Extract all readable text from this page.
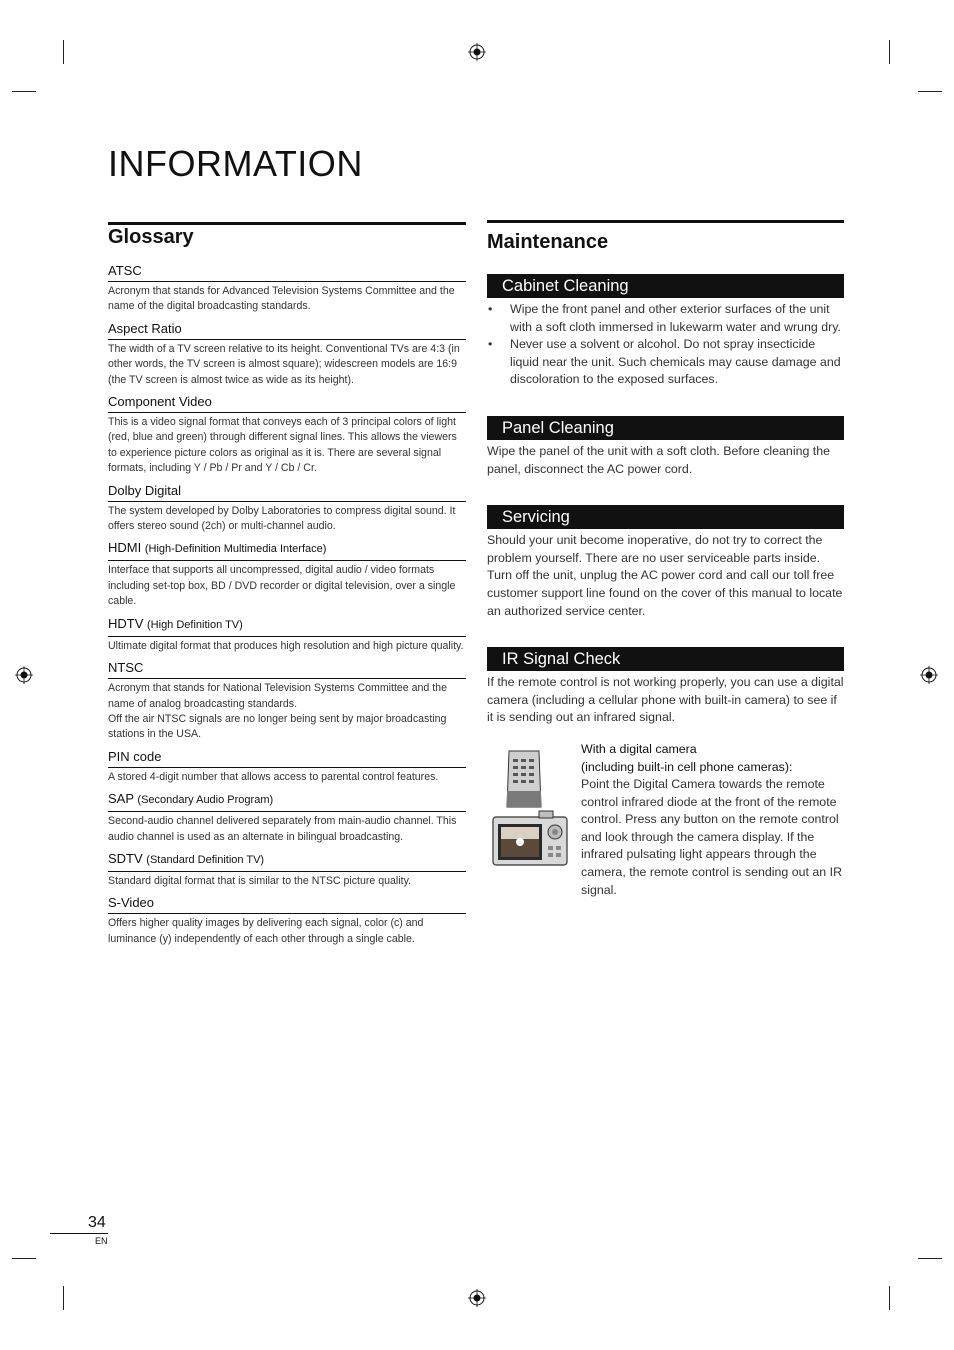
INFORMATION
Glossary
ATSC
Acronym that stands for Advanced Television Systems Committee and the name of the digital broadcasting standards.
Aspect Ratio
The width of a TV screen relative to its height. Conventional TVs are 4:3 (in other words, the TV screen is almost square); widescreen models are 16:9 (the TV screen is almost twice as wide as its height).
Component Video
This is a video signal format that conveys each of 3 principal colors of light (red, blue and green) through different signal lines. This allows the viewers to experience picture colors as original as it is. There are several signal formats, including Y / Pb / Pr and Y / Cb / Cr.
Dolby Digital
The system developed by Dolby Laboratories to compress digital sound. It offers stereo sound (2ch) or multi-channel audio.
HDMI (High-Definition Multimedia Interface)
Interface that supports all uncompressed, digital audio / video formats including set-top box, BD / DVD recorder or digital television, over a single cable.
HDTV (High Definition TV)
Ultimate digital format that produces high resolution and high picture quality.
NTSC

Acronym that stands for National Television Systems Committee and the name of analog broadcasting standards.

Off the air NTSC signals are no longer being sent by major broadcasting stations in the USA.

PIN code
A stored 4-digit number that allows access to parental control features.
SAP (Secondary Audio Program)
Second-audio channel delivered separately from main-audio channel. This audio channel is used as an alternate in bilingual broadcasting.
SDTV (Standard Definition TV)
Standard digital format that is similar to the NTSC picture quality.
S-Video
Offers higher quality images by delivering each signal, color (c) and luminance (y) independently of each other through a single cable.
Maintenance
Cabinet Cleaning
• Wipe the front panel and other exterior surfaces of the unit with a soft cloth immersed in lukewarm water and wrung dry.
• Never use a solvent or alcohol. Do not spray insecticide liquid near the unit. Such chemicals may cause damage and discoloration to the exposed surfaces.
Panel Cleaning
Wipe the panel of the unit with a soft cloth. Before cleaning the panel, disconnect the AC power cord.
Servicing
Should your unit become inoperative, do not try to correct the problem yourself. There are no user serviceable parts inside. Turn off the unit, unplug the AC power cord and call our toll free customer support line found on the cover of this manual to locate an authorized service center.
IR Signal Check
If the remote control is not working properly, you can use a digital camera (including a cellular phone with built-in camera) to see if it is sending out an infrared signal.
With a digital camera
(including built-in cell phone cameras):
Point the Digital Camera towards the remote control infrared diode at the front of the remote control. Press any button on the remote control and look through the camera display. If the infrared pulsating light appears through the camera, the remote control is sending out an IR signal.
34
EN
